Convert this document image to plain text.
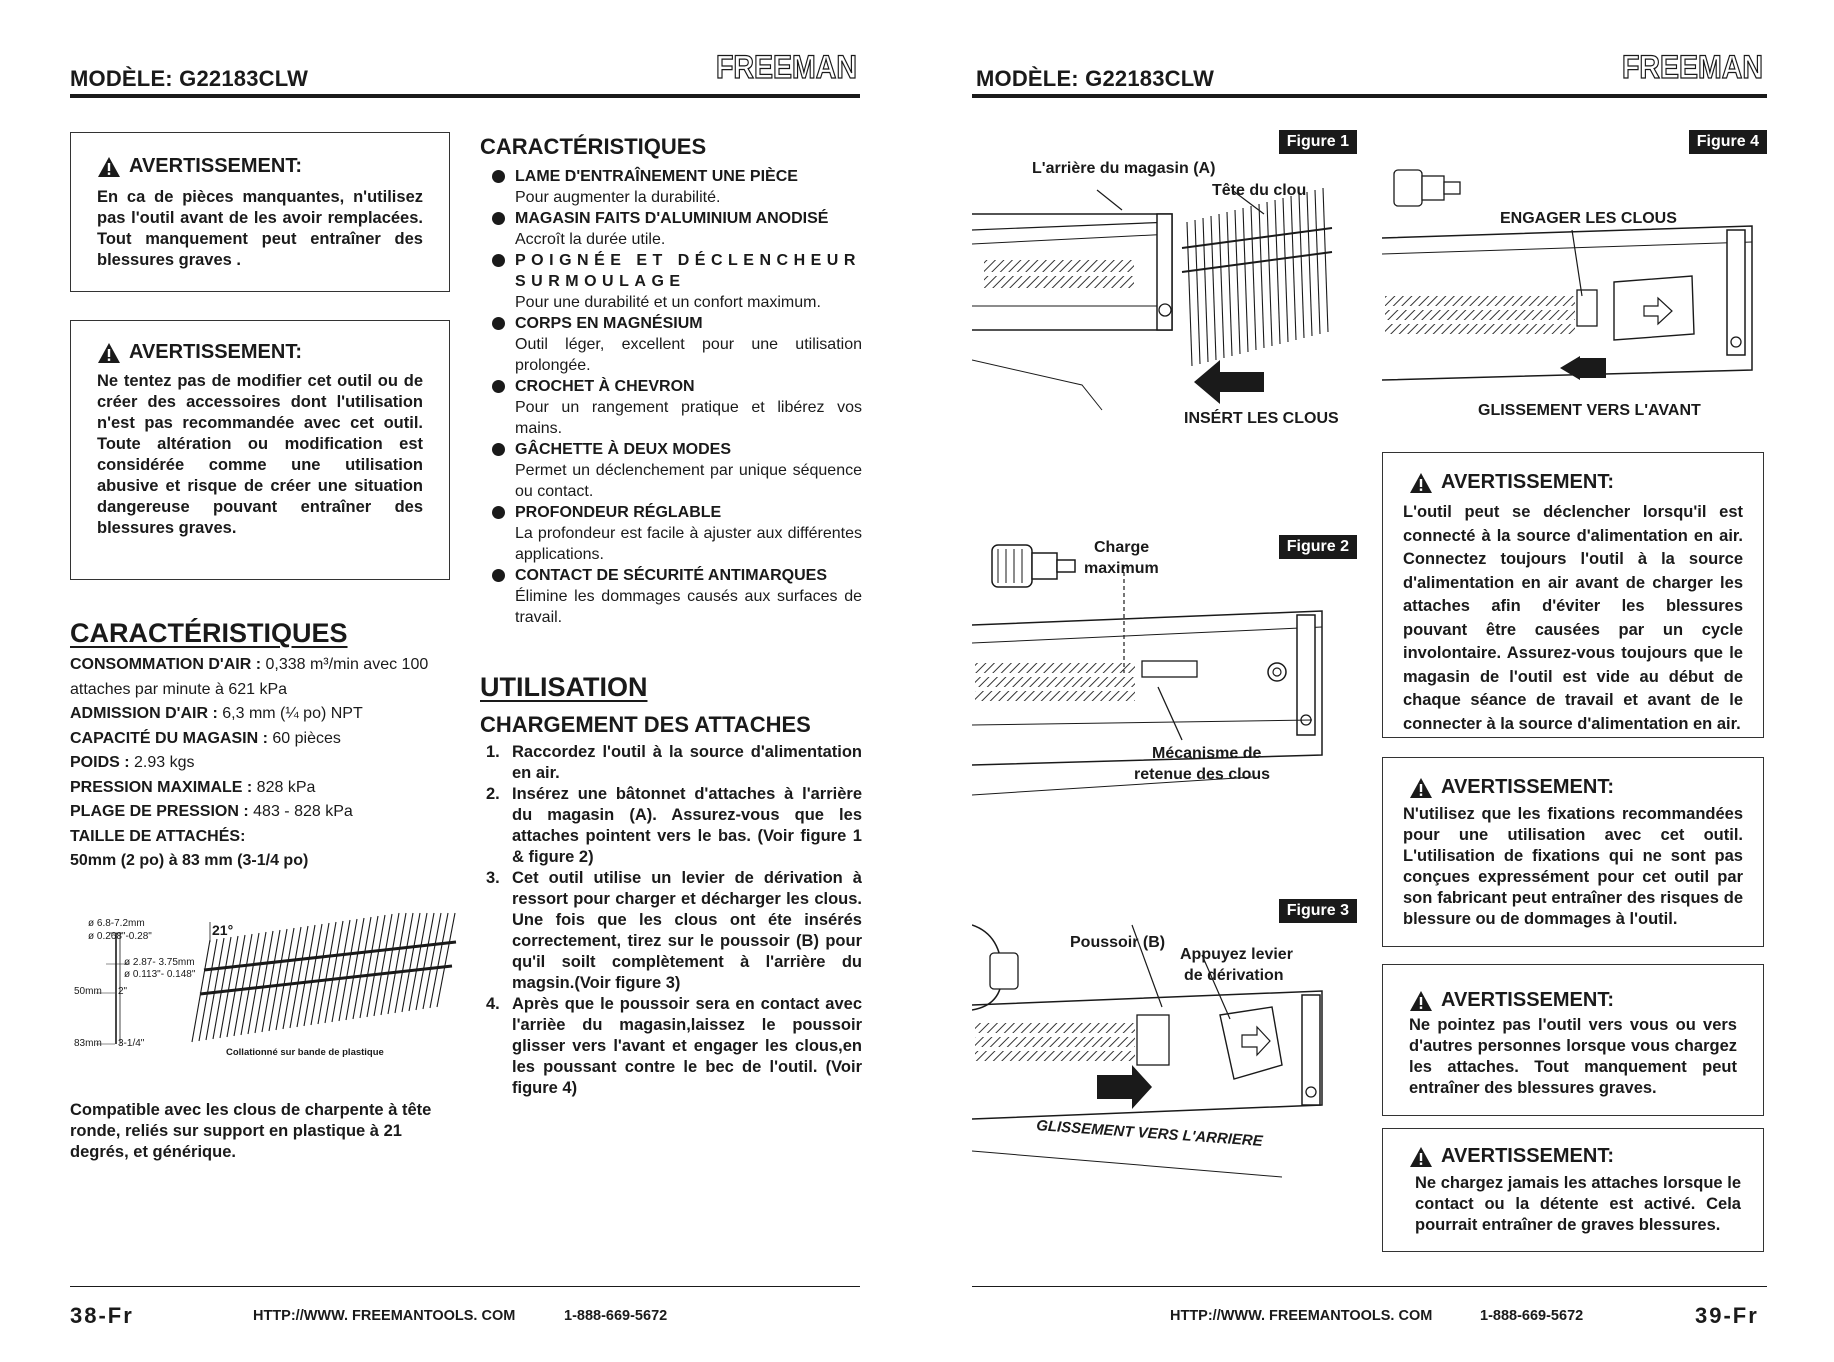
MODÈLE: G22183CLW	FREEMAN
AVERTISSEMENT:
En ca de pièces manquantes, n'utilisez pas l'outil avant de les avoir remplacées. Tout manquement peut entraîner des blessures graves .
AVERTISSEMENT:
Ne tentez pas de modifier cet outil ou de créer des accessoires dont l'utilisation n'est pas recommandée avec cet outil. Toute altération ou modification est considérée comme une utilisation abusive et risque de créer une situation dangereuse pouvant entraîner des blessures graves.
CARACTÉRISTIQUES
CONSOMMATION D'AIR : 0,338 m³/min avec 100 attaches par minute à 621 kPa
ADMISSION D'AIR : 6,3 mm (¼ po) NPT
CAPACITÉ DU MAGASIN : 60 pièces
POIDS : 2.93 kgs
PRESSION MAXIMALE : 828 kPa
PLAGE DE PRESSION : 483 - 828 kPa
TAILLE DE ATTACHÉS:
50mm (2 po) à 83 mm (3-1/4 po)
ø 6.8-7.2mm
ø 0.268"-0.28"
ø 2.87- 3.75mm
ø 0.113"- 0.148"
50mm 2"
83mm 3-1/4"
21°
Collationné sur bande de plastique
Compatible avec les clous de charpente à tête ronde, reliés sur support en plastique à 21 degrés, et générique.
CARACTÉRISTIQUES
LAME D'ENTRAÎNEMENT UNE PIÈCE
Pour augmenter la durabilité.
MAGASIN FAITS D'ALUMINIUM ANODISÉ
Accroît la durée utile.
POIGNÉE ET DÉCLENCHEUR SURMOULAGE
Pour une durabilité et un confort maximum.
CORPS EN MAGNÉSIUM
Outil léger, excellent pour une utilisation prolongée.
CROCHET À CHEVRON
Pour un rangement pratique et libérez vos mains.
GÂCHETTE À DEUX MODES
Permet un déclenchement par unique séquence ou contact.
PROFONDEUR RÉGLABLE
La profondeur est facile à ajuster aux différentes applications.
CONTACT DE SÉCURITÉ ANTIMARQUES
Élimine les dommages causés aux surfaces de travail.
UTILISATION
CHARGEMENT DES ATTACHES
1. Raccordez l'outil à la source d'alimentation en air.
2. Insérez une bâtonnet d'attaches à l'arrière du magasin (A). Assurez-vous que les attaches pointent vers le bas. (Voir figure 1 & figure 2)
3. Cet outil utilise un levier de dérivation à ressort pour charger et décharger les clous. Une fois que les clous ont éte insérés correctement, tirez sur le poussoir (B) pour qu'il soilt complètement à l'arrière du magsin.(Voir figure 3)
4. Après que le poussoir sera en contact avec l'arrièe du magasin,laissez le poussoir glisser vers l'avant et engager les clous,en les poussant contre le bec de l'outil. (Voir figure 4)
38-Fr	HTTP://WWW. FREEMANTOOLS. COM	1-888-669-5672
MODÈLE: G22183CLW	FREEMAN
Figure 1
L'arrière du magasin (A)
Tête du clou
INSÉRT LES CLOUS
Figure 2
Charge
maximum
Mécanisme de
retenue des clous
Figure 3
Poussoir (B)
Appuyez levier
de dérivation
GLISSEMENT VERS L'ARRIERE
Figure 4
ENGAGER LES CLOUS
GLISSEMENT VERS L'AVANT
AVERTISSEMENT:
L'outil peut se déclencher lorsqu'il est connecté à la source d'alimentation en air. Connectez toujours l'outil à la source d'alimentation en air avant de charger les attaches afin d'éviter les blessures pouvant être causées par un cycle involontaire. Assurez-vous toujours que le magasin de l'outil est vide au début de chaque séance de travail et avant de le connecter à la source d'alimentation en air.
AVERTISSEMENT:
N'utilisez que les fixations recommandées pour une utilisation avec cet outil. L'utilisation de fixations qui ne sont pas conçues expressément pour cet outil par son fabricant peut entraîner des risques de blessure ou de dommages à l'outil.
AVERTISSEMENT:
Ne pointez pas l'outil vers vous ou vers d'autres personnes lorsque vous chargez les attaches. Tout manquement peut entraîner des blessures graves.
AVERTISSEMENT:
Ne chargez jamais les attaches lorsque le contact ou la détente est activé. Cela pourrait entraîner de graves blessures.
HTTP://WWW. FREEMANTOOLS. COM	1-888-669-5672	39-Fr
